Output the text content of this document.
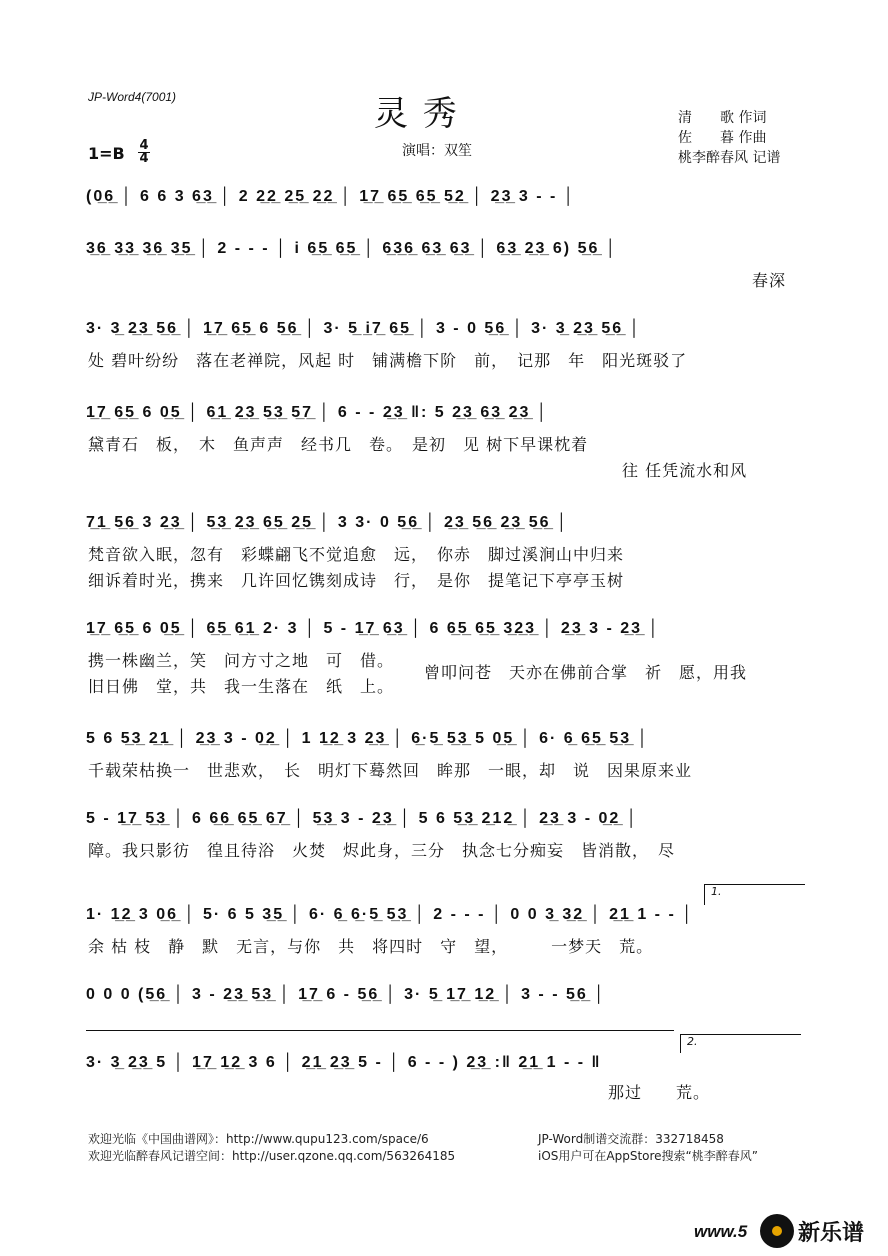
JP-Word4(7001)	灵 秀	清　　歌 作词
佐　　暮 作曲
桃李醉春风 记谱
1=B 4
4	演唱：双笙
(0̲6̲ │ 6 6 3 6̲3̲ │ 2 2̲2̲ 2̲5̲ 2̲2̲ │ 1̲7̲ 6̲5̲ 6̲5̲ 5̲2̲ │ 2̲3̲ 3 - - │
3̲6̲ 3̲3̲ 3̲6̲ 3̲5̲ │ 2 - - - │ i 6̲5̲ 6̲5̲ │ 6̲3̲6̲ 6̲3̲ 6̲3̲ │ 6̲3̲ 2̲3̲ 6) 5̲6̲ │
春深
3· 3̲ 2̲3̲ 5̲6̲ │ 1̲7̲ 6̲5̲ 6 5̲6̲ │ 3· 5̲ i̲7̲ 6̲5̲ │ 3 - 0 5̲6̲ │ 3· 3̲ 2̲3̲ 5̲6̲ │
处 碧叶纷纷　落在老禅院，风起 时　铺满檐下阶　前，　记那　年　阳光斑驳了
1̲7̲ 6̲5̲ 6 0̲5̲ │ 6̲1̲ 2̲3̲ 5̲3̲ 5̲7̲ │ 6 - - 2̲3̲ ‖: 5 2̲3̲ 6̲3̲ 2̲3̲ │
黛青石　板，　木　鱼声声　经书几　卷。　是初　见 树下早课枕着
往 任凭流水和风
7̲1̲ 5̲6̲ 3 2̲3̲ │ 5̲3̲ 2̲3̲ 6̲5̲ 2̲5̲ │ 3 3· 0 5̲6̲ │ 2̲3̲ 5̲6̲ 2̲3̲ 5̲6̲ │
梵音欲入眠，忽有　彩蝶翩飞不觉追愈　远，　你赤　脚过溪涧山中归来
细诉着时光，携来　几许回忆镌刻成诗　行，　是你　提笔记下亭亭玉树
1̲7̲ 6̲5̲ 6 0̲5̲ │ 6̲5̲ 6̲1̲ 2· 3 │ 5 - 1̲7̲ 6̲3̲ │ 6 6̲5̲ 6̲5̲ 3̲2̲3̲ │ 2̲3̲ 3 - 2̲3̲ │
携一株幽兰，笑　问方寸之地　可　借。
旧日佛　堂，共　我一生落在　纸　上。
曾叩问苍　天亦在佛前合掌　祈　愿，用我
5 6 5̲3̲ 2̲1̲ │ 2̲3̲ 3 - 0̲2̲ │ 1 1̲2̲ 3 2̲3̲ │ 6̲·5̲ 5̲3̲ 5 0̲5̲ │ 6· 6̲ 6̲5̲ 5̲3̲ │
千载荣枯换一　世悲欢，　长　明灯下蓦然回　眸那　一眼，却　说　因果原来业
5 - 1̲7̲ 5̲3̲ │ 6 6̲6̲ 6̲5̲ 6̲7̲ │ 5̲3̲ 3 - 2̲3̲ │ 5 6 5̲3̲ 2̲12̲ │ 2̲3̲ 3 - 0̲2̲ │
障。我只影彷　徨且待浴　火焚　烬此身，三分　执念七分痴妄　皆消散，　尽
1.
1· 1̲2̲ 3 0̲6̲ │ 5· 6 5 3̲5̲ │ 6· 6̲ 6̲·5̲ 5̲3̲ │ 2 - - - │ 0 0 3̲ 3̲2̲ │ 2̲1̲ 1 - - │
余 枯 枝　静　默　无言，与你　共　将四时　守　望，　　　一梦天　荒。
0 0 0 (5̲6̲ │ 3 - 2̲3̲ 5̲3̲ │ 1̲7̲ 6 - 5̲6̲ │ 3· 5̲ 1̲7̲ 1̲2̲ │ 3 - - 5̲6̲ │
2.
3· 3̲ 2̲3̲ 5 │ 1̲7̲ 1̲2̲ 3 6 │ 2̲1̲ 2̲3̲ 5 - │ 6 - - ) 2̲3̲ :‖ 2̲1̲ 1 - - ‖
那过　　荒。
欢迎光临《中国曲谱网》：http://www.qupu123.com/space/6
欢迎光临醉春风记谱空间：http://user.qzone.qq.com/563264185
JP-Word制谱交流群：332718458
iOS用户可在AppStore搜索“桃李醉春风”
www.5 新乐谱
